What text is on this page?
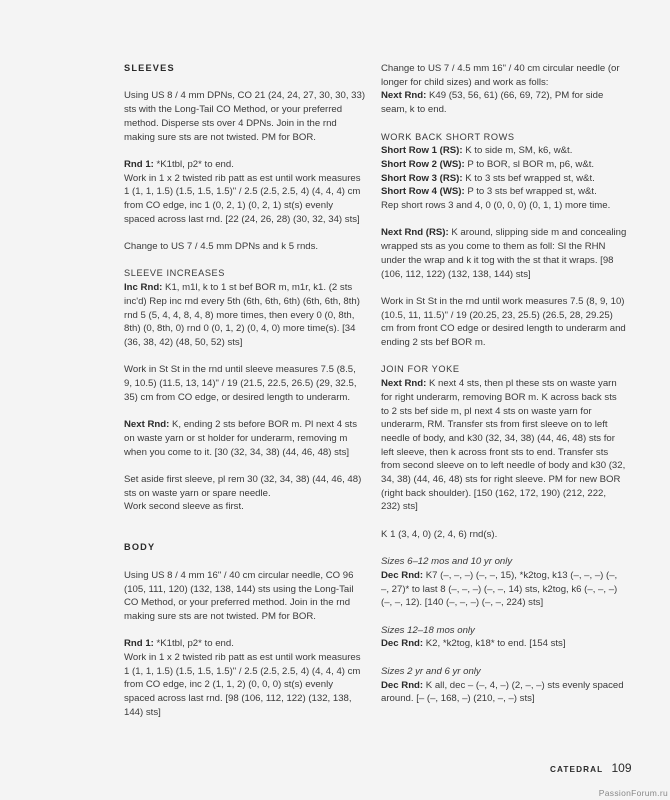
SLEEVES

Using US 8 / 4 mm DPNs, CO 21 (24, 24, 27, 30, 30, 33) sts with the Long-Tail CO Method, or your preferred method. Disperse sts over 4 DPNs. Join in the rnd making sure sts are not twisted. PM for BOR.

Rnd 1: *K1tbl, p2* to end.
Work in 1 x 2 twisted rib patt as est until work measures 1 (1, 1, 1.5) (1.5, 1.5, 1.5)" / 2.5 (2.5, 2.5, 4) (4, 4, 4) cm from CO edge, inc 1 (0, 2, 1) (0, 2, 1) st(s) evenly spaced across last rnd. [22 (24, 26, 28) (30, 32, 34) sts]

Change to US 7 / 4.5 mm DPNs and k 5 rnds.

SLEEVE INCREASES
Inc Rnd: K1, m1l, k to 1 st bef BOR m, m1r, k1. (2 sts inc'd) Rep inc rnd every 5th (6th, 6th, 6th) (6th, 6th, 8th) rnd 5 (5, 4, 4, 8, 4, 8) more times, then every 0 (0, 8th, 8th) (0, 8th, 0) rnd 0 (0, 1, 2) (0, 4, 0) more time(s). [34 (36, 38, 42) (48, 50, 52) sts]

Work in St St in the rnd until sleeve measures 7.5 (8.5, 9, 10.5) (11.5, 13, 14)" / 19 (21.5, 22.5, 26.5) (29, 32.5, 35) cm from CO edge, or desired length to underarm.

Next Rnd: K, ending 2 sts before BOR m. Pl next 4 sts on waste yarn or st holder for underarm, removing m when you come to it. [30 (32, 34, 38) (44, 46, 48) sts]

Set aside first sleeve, pl rem 30 (32, 34, 38) (44, 46, 48) sts on waste yarn or spare needle.
Work second sleeve as first.

BODY

Using US 8 / 4 mm 16" / 40 cm circular needle, CO 96 (105, 111, 120) (132, 138, 144) sts using the Long-Tail CO Method, or your preferred method. Join in the rnd making sure sts are not twisted. PM for BOR.

Rnd 1: *K1tbl, p2* to end.
Work in 1 x 2 twisted rib patt as est until work measures 1 (1, 1, 1.5) (1.5, 1.5, 1.5)" / 2.5 (2.5, 2.5, 4) (4, 4, 4) cm from CO edge, inc 2 (1, 1, 2) (0, 0, 0) st(s) evenly spaced across last rnd. [98 (106, 112, 122) (132, 138, 144) sts]

Change to US 7 / 4.5 mm 16" / 40 cm circular needle (or longer for child sizes) and work as folls:
Next Rnd: K49 (53, 56, 61) (66, 69, 72), PM for side seam, k to end.

WORK BACK SHORT ROWS
Short Row 1 (RS): K to side m, SM, k6, w&t.
Short Row 2 (WS): P to BOR, sl BOR m, p6, w&t.
Short Row 3 (RS): K to 3 sts bef wrapped st, w&t.
Short Row 4 (WS): P to 3 sts bef wrapped st, w&t.
Rep short rows 3 and 4, 0 (0, 0, 0) (0, 1, 1) more time.

Next Rnd (RS): K around, slipping side m and concealing wrapped sts as you come to them as foll: Sl the RHN under the wrap and k it tog with the st that it wraps. [98 (106, 112, 122) (132, 138, 144) sts]

Work in St St in the rnd until work measures 7.5 (8, 9, 10) (10.5, 11, 11.5)" / 19 (20.25, 23, 25.5) (26.5, 28, 29.25) cm from front CO edge or desired length to underarm and ending 2 sts bef BOR m.

JOIN FOR YOKE
Next Rnd: K next 4 sts, then pl these sts on waste yarn for right underarm, removing BOR m. K across back sts to 2 sts bef side m, pl next 4 sts on waste yarn for underarm, RM. Transfer sts from first sleeve on to left needle of body, and k30 (32, 34, 38) (44, 46, 48) sts for left sleeve, then k across front sts to end. Transfer sts from second sleeve on to left needle of body and k30 (32, 34, 38) (44, 46, 48) sts for right sleeve. PM for new BOR (right back shoulder). [150 (162, 172, 190) (212, 222, 232) sts]

K 1 (3, 4, 0) (2, 4, 6) rnd(s).

Sizes 6–12 mos and 10 yr only
Dec Rnd: K7 (–, –, –) (–, –, 15), *k2tog, k13 (–, –, –) (–, –, 27)* to last 8 (–, –, –) (–, –, 14) sts, k2tog, k6 (–, –, –) (–, –, 12). [140 (–, –, –) (–, –, 224) sts]
Sizes 12–18 mos only
Dec Rnd: K2, *k2tog, k18* to end. [154 sts]
Sizes 2 yr and 6 yr only
Dec Rnd: K all, dec – (–, 4, –) (2, –, –) sts evenly spaced around. [– (–, 168, –) (210, –, –) sts]
CATEDRAL 109
PassionForum.ru
